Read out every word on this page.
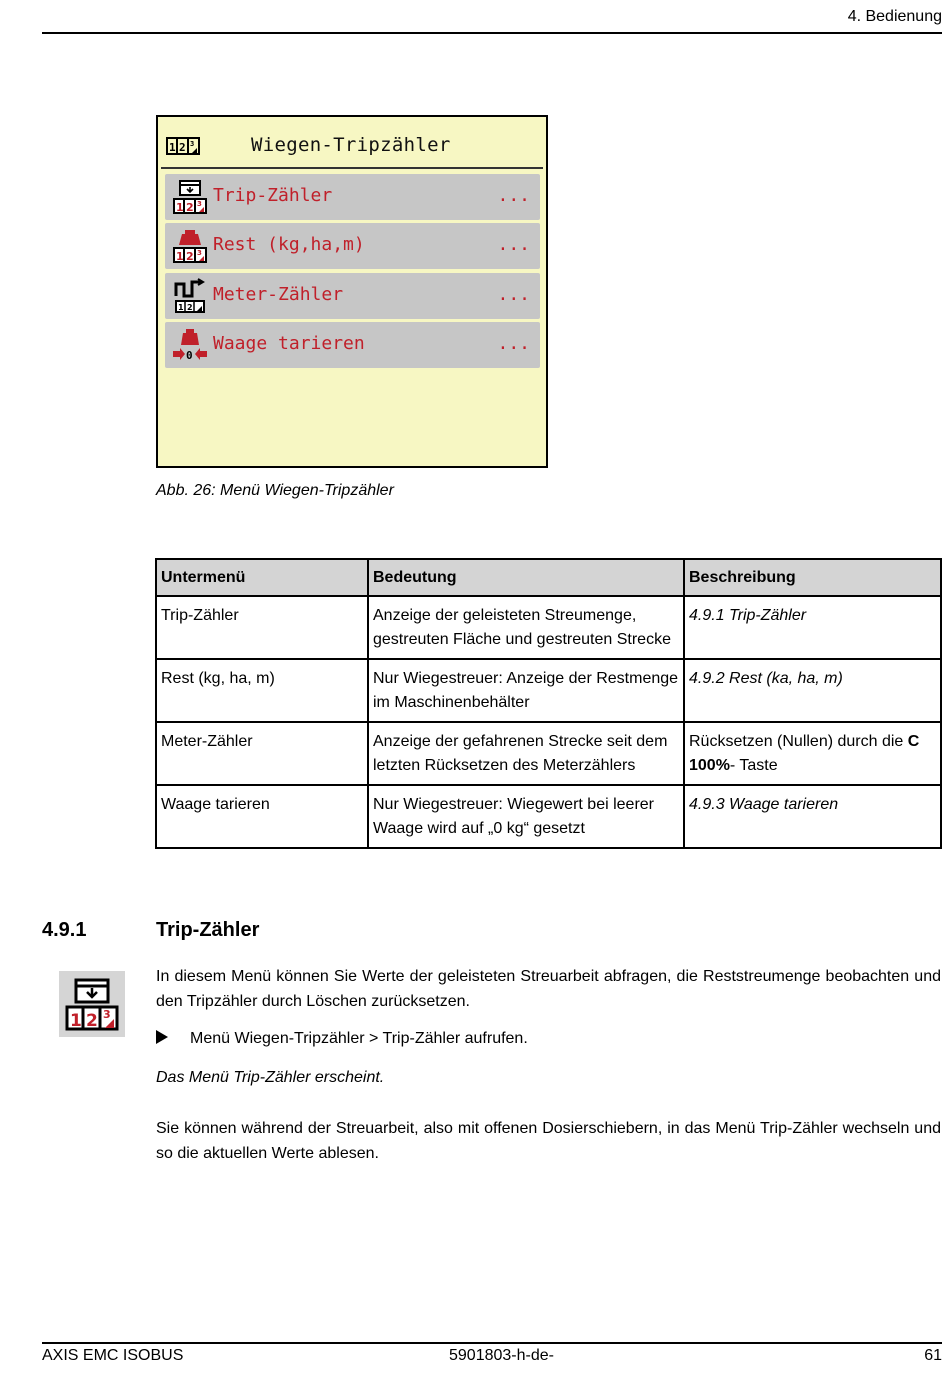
4. Bedienung
1 2 3	Wiegen-Tripzähler
1 2 3 Trip-Zähler	...
1 2 3 Rest (kg,ha,m)	...
1 2
Meter-Zähler	...
0
Waage tarieren	...
Abb. 26: Menü Wiegen-Tripzähler
Untermenü	Bedeutung	Beschreibung
Trip-Zähler	Anzeige der geleisteten Streumenge, gestreuten Fläche und gestreuten Strecke	4.9.1 Trip-Zähler
Rest (kg, ha, m)	Nur Wiegestreuer: Anzeige der Restmenge im Maschinenbehälter	4.9.2 Rest (ka, ha, m)
Meter-Zähler	Anzeige der gefahrenen Strecke seit dem letzten Rücksetzen des Meterzählers	Rücksetzen (Nullen) durch die C 100%- Taste
Waage tarieren	Nur Wiegestreuer: Wiegewert bei leerer Waage wird auf „0 kg“ gesetzt	4.9.3 Waage tarieren
4.9.1	Trip-Zähler
1 2 3
In diesem Menü können Sie Werte der geleisteten Streuarbeit abfragen, die Reststreumenge beobachten und den Tripzähler durch Löschen zurücksetzen.
Menü Wiegen-Tripzähler > Trip-Zähler aufrufen.
Das Menü Trip-Zähler erscheint.
Sie können während der Streuarbeit, also mit offenen Dosierschiebern, in das Menü Trip-Zähler wechseln und so die aktuellen Werte ablesen.
AXIS EMC ISOBUS	5901803-h-de-	61
